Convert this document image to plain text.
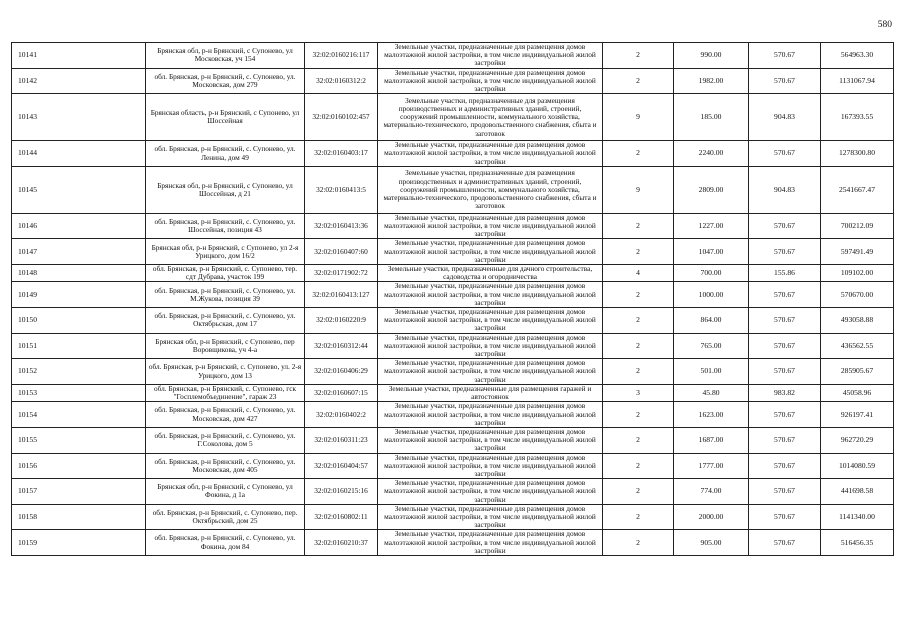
580
10141	Брянская обл, р-н Брянский, с Супонево, ул Московская, уч 154	32:02:0160216:117	Земельные участки, предназначенные для размещения домов малоэтажной жилой застройки, в том числе индивидуальной жилой застройки	2	990.00	570.67	564963.30
10142	обл. Брянская, р-н Брянский, с. Супонево, ул. Московская, дом 279	32:02:0160312:2	Земельные участки, предназначенные для размещения домов малоэтажной жилой застройки, в том числе индивидуальной жилой застройки	2	1982.00	570.67	1131067.94
10143	Брянская область, р-н Брянский, с Супонево, ул Шоссейная	32:02:0160102:457	Земельные участки, предназначенные для размещения производственных и административных зданий, строений, сооружений промышленности, коммунального хозяйства, материально-технического, продовольственного снабжения, сбыта и заготовок	9	185.00	904.83	167393.55
10144	обл. Брянская, р-н Брянский, с. Супонево, ул. Ленина, дом 49	32:02:0160403:17	Земельные участки, предназначенные для размещения домов малоэтажной жилой застройки, в том числе индивидуальной жилой застройки	2	2240.00	570.67	1278300.80
10145	Брянская обл, р-н Брянский, с Супонево, ул Шоссейная, д 21	32:02:0160413:5	Земельные участки, предназначенные для размещения производственных и административных зданий, строений, сооружений промышленности, коммунального хозяйства, материально-технического, продовольственного снабжения, сбыта и заготовок	9	2809.00	904.83	2541667.47
10146	обл. Брянская, р-н Брянский, с. Супонево, ул. Шоссейная, позиция 43	32:02:0160413:36	Земельные участки, предназначенные для размещения домов малоэтажной жилой застройки, в том числе индивидуальной жилой застройки	2	1227.00	570.67	700212.09
10147	Брянская обл, р-н Брянский, с Супонево, ул 2-я Урицкого, дом 16/2	32:02:0160407:60	Земельные участки, предназначенные для размещения домов малоэтажной жилой застройки, в том числе индивидуальной жилой застройки	2	1047.00	570.67	597491.49
10148	обл. Брянская, р-н Брянский, с. Супонево, тер. сдт Дубрава, участок 199	32:02:0171902:72	Земельные участки, предназначенные для дачного строительства, садоводства и огородничества	4	700.00	155.86	109102.00
10149	обл. Брянская, р-н Брянский, с. Супонево, ул. М.Жукова, позиция 39	32:02:0160413:127	Земельные участки, предназначенные для размещения домов малоэтажной жилой застройки, в том числе индивидуальной жилой застройки	2	1000.00	570.67	570670.00
10150	обл. Брянская, р-н Брянский, с. Супонево, ул. Октябрьская, дом 17	32:02:0160220:9	Земельные участки, предназначенные для размещения домов малоэтажной жилой застройки, в том числе индивидуальной жилой застройки	2	864.00	570.67	493058.88
10151	Брянская обл, р-н Брянский, с Супонево, пер Воровщикова, уч 4-а	32:02:0160312:44	Земельные участки, предназначенные для размещения домов малоэтажной жилой застройки, в том числе индивидуальной жилой застройки	2	765.00	570.67	436562.55
10152	обл. Брянская, р-н Брянский, с. Супонево, ул. 2-я Урицкого, дом 13	32:02:0160406:29	Земельные участки, предназначенные для размещения домов малоэтажной жилой застройки, в том числе индивидуальной жилой застройки	2	501.00	570.67	285905.67
10153	обл. Брянская, р-н Брянский, с. Супонево, гск "Госплемобъединение", гараж 23	32:02:0160607:15	Земельные участки, предназначенные для размещения гаражей и автостоянок	3	45.80	983.82	45058.96
10154	обл. Брянская, р-н Брянский, с. Супонево, ул. Московская, дом 427	32:02:0160402:2	Земельные участки, предназначенные для размещения домов малоэтажной жилой застройки, в том числе индивидуальной жилой застройки	2	1623.00	570.67	926197.41
10155	обл. Брянская, р-н Брянский, с. Супонево, ул. Г.Соколова, дом 5	32:02:0160311:23	Земельные участки, предназначенные для размещения домов малоэтажной жилой застройки, в том числе индивидуальной жилой застройки	2	1687.00	570.67	962720.29
10156	обл. Брянская, р-н Брянский, с. Супонево, ул. Московская, дом 405	32:02:0160404:57	Земельные участки, предназначенные для размещения домов малоэтажной жилой застройки, в том числе индивидуальной жилой застройки	2	1777.00	570.67	1014080.59
10157	Брянская обл, р-н Брянский, с Супонево, ул Фокина, д 1а	32:02:0160215:16	Земельные участки, предназначенные для размещения домов малоэтажной жилой застройки, в том числе индивидуальной жилой застройки	2	774.00	570.67	441698.58
10158	обл. Брянская, р-н Брянский, с. Супонево, пер. Октябрьский, дом 25	32:02:0160802:11	Земельные участки, предназначенные для размещения домов малоэтажной жилой застройки, в том числе индивидуальной жилой застройки	2	2000.00	570.67	1141340.00
10159	обл. Брянская, р-н Брянский, с. Супонево, ул. Фокина, дом 84	32:02:0160210:37	Земельные участки, предназначенные для размещения домов малоэтажной жилой застройки, в том числе индивидуальной жилой застройки	2	905.00	570.67	516456.35
